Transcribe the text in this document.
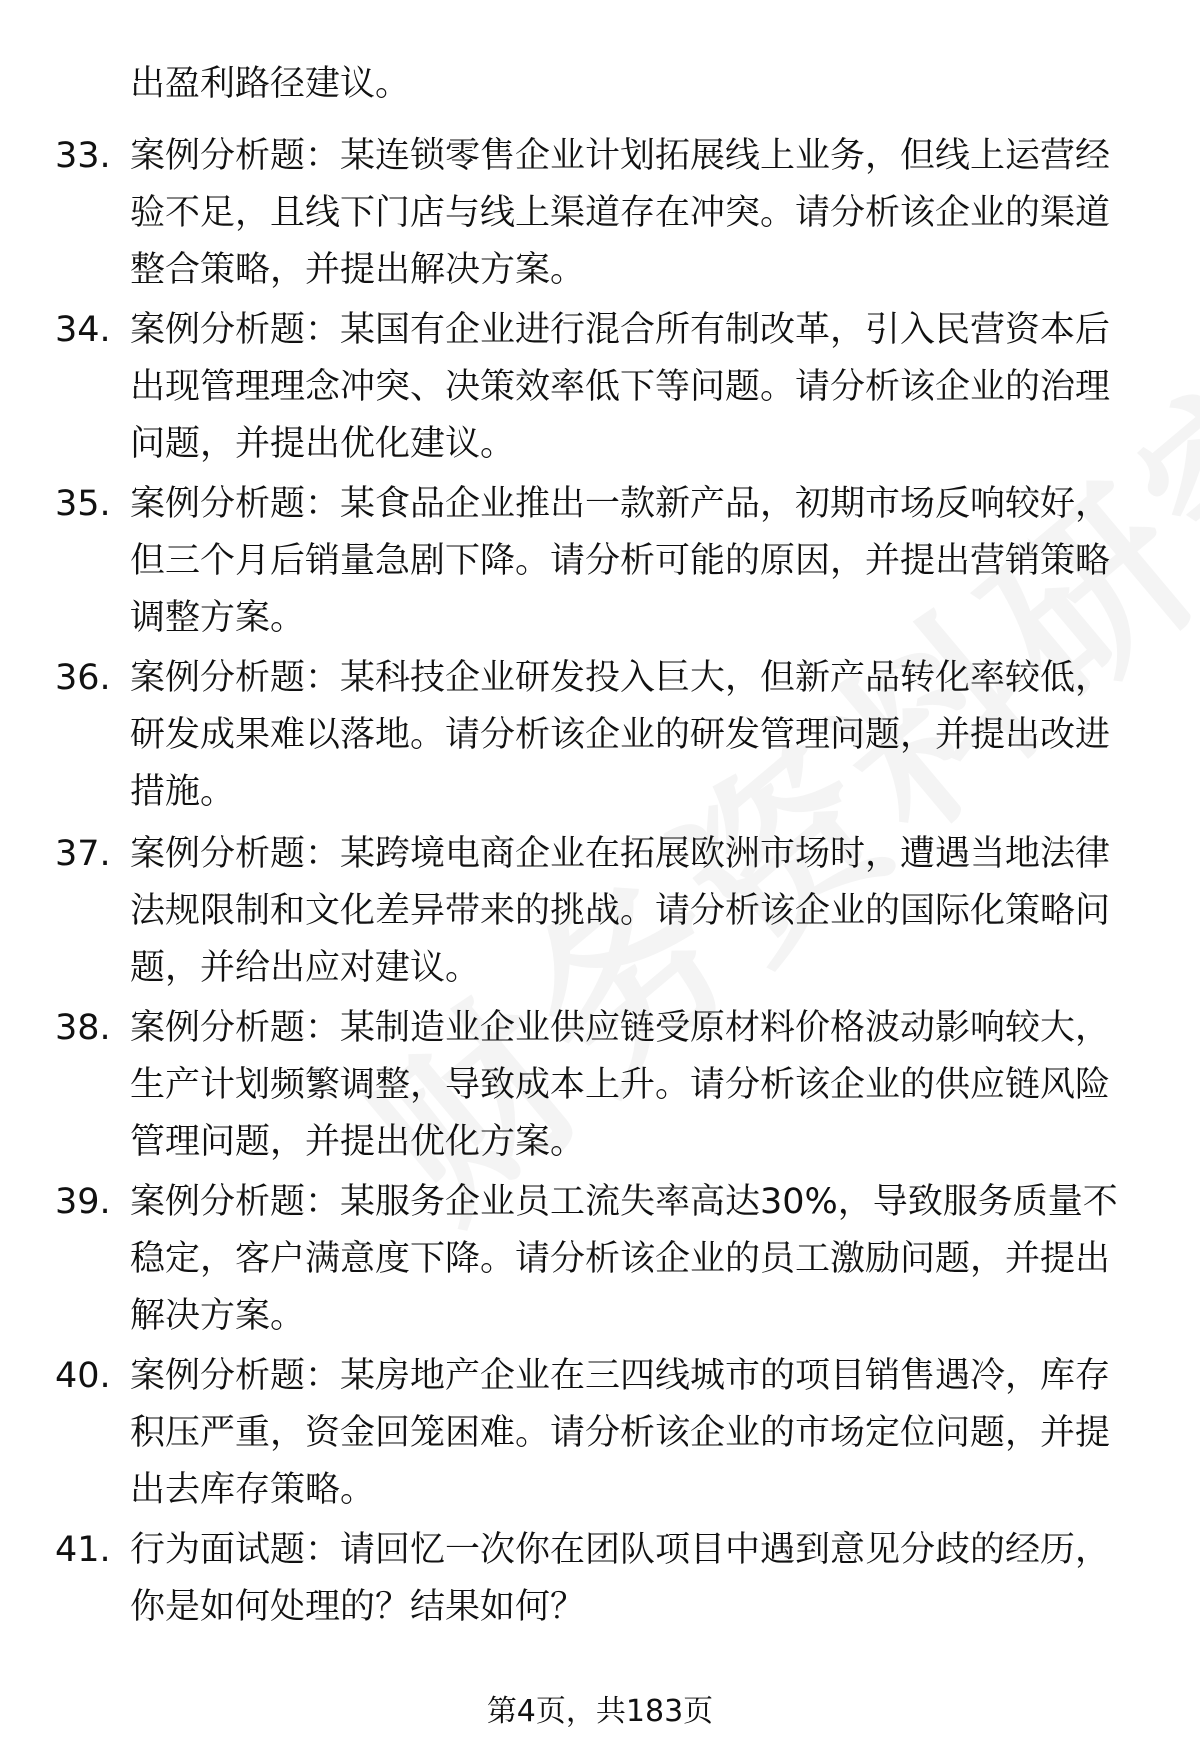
出盈利路径建议。
33. 案例分析题：某连锁零售企业计划拓展线上业务，但线上运营经验不足，且线下门店与线上渠道存在冲突。请分析该企业的渠道整合策略，并提出解决方案。
34. 案例分析题：某国有企业进行混合所有制改革，引入民营资本后出现管理理念冲突、决策效率低下等问题。请分析该企业的治理问题，并提出优化建议。
35. 案例分析题：某食品企业推出一款新产品，初期市场反响较好，但三个月后销量急剧下降。请分析可能的原因，并提出营销策略调整方案。
36. 案例分析题：某科技企业研发投入巨大，但新产品转化率较低，研发成果难以落地。请分析该企业的研发管理问题，并提出改进措施。
37. 案例分析题：某跨境电商企业在拓展欧洲市场时，遭遇当地法律法规限制和文化差异带来的挑战。请分析该企业的国际化策略问题，并给出应对建议。
38. 案例分析题：某制造业企业供应链受原材料价格波动影响较大，生产计划频繁调整，导致成本上升。请分析该企业的供应链风险管理问题，并提出优化方案。
39. 案例分析题：某服务企业员工流失率高达30%，导致服务质量不稳定，客户满意度下降。请分析该企业的员工激励问题，并提出解决方案。
40. 案例分析题：某房地产企业在三四线城市的项目销售遇冷，库存积压严重，资金回笼困难。请分析该企业的市场定位问题，并提出去库存策略。
41. 行为面试题：请回忆一次你在团队项目中遇到意见分歧的经历，你是如何处理的？结果如何？
第4页，共183页
